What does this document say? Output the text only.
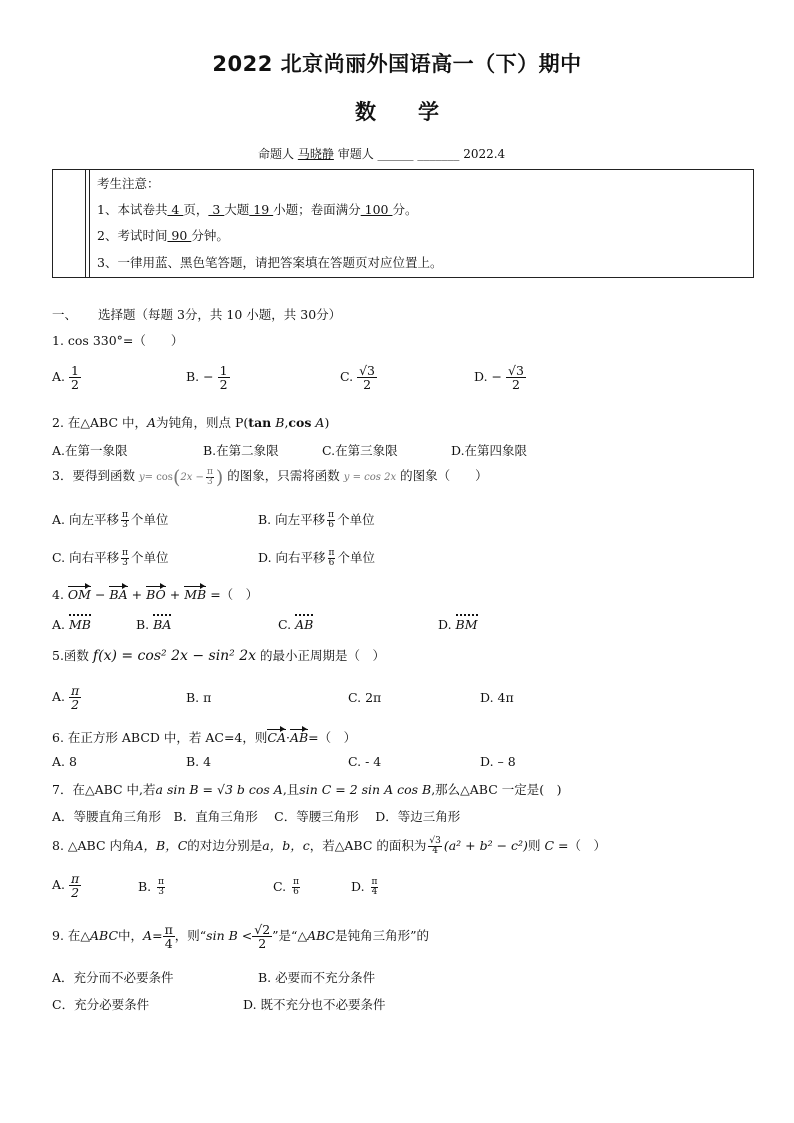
2022 北京尚丽外国语高一（下）期中
数学
命题人 马晓静 审题人 ______ _______ 2022.4
考生注意：
1、本试卷共 4 页， 3 大题 19 小题；卷面满分 100 分。
2、考试时间 90 分钟。
3、一律用蓝、黑色笔答题，请把答案填在答题页对应位置上。
一、 选择题（每题 3分，共 10 小题，共 30分）
1. cos 330°=（　　）
A. $\frac{1}{2}$	B. − $\frac{1}{2}$	C. $\frac{√3}{2}$	D. − $\frac{√3}{2}$
2. 在△ABC 中，A为钝角，则点 P(tan B,cos A)
A.在第一象限	B.在第二象限	C.在第三象限	D.在第四象限
3．要得到函数 $y= \cos(2x - \frac{\pi}{3}$ ) 的图象，只需将函数 y = cos 2x 的图象（　　）
A. 向左平移 $\frac{\pi}{3}$ 个单位	B. 向左平移 $\frac{\pi}{6}$ 个单位
C. 向右平移 $\frac{\pi}{3}$ 个单位	D. 向右平移 $\frac{\pi}{6}$ 个单位
4. OM − BA + BO + MB =（　）
A. MB	B. BA	C. AB	D. BM
5.函数 f(x) = cos² 2x − sin² 2x 的最小正周期是（　）
A. $\frac{\pi}{2}$	B. π	C. 2π	D. 4π
6. 在正方形 ABCD 中，若 AC=4，则CA·AB=（　）
A. 8	B. 4	C. - 4	D. – 8
7．在△ABC 中,若a sin B = √3 b cos A,且sin C = 2 sin A cos B,那么△ABC 一定是(　)
A．等腰直角三角形　B．直角三角形　 C．等腰三角形　 D．等边三角形
8. △ABC 内角A，B，C的对边分别是a，b，c，若△ABC 的面积为 $\frac{√3}{4} (a^2 + b^2 - c^2)$则 C =（　）
A. $\frac{\pi}{2}$	B. $\frac{\pi}{3}$	C. $\frac{\pi}{6}$	D. $\frac{\pi}{4}$
9. 在△ABC中，$A= \frac{\pi}{4}$ ，则“sin $B < \frac{√2}{2}$ ”是“△ABC是钝角三角形”的
A．充分而不必要条件	B. 必要而不充分条件
C．充分必要条件	D. 既不充分也不必要条件
